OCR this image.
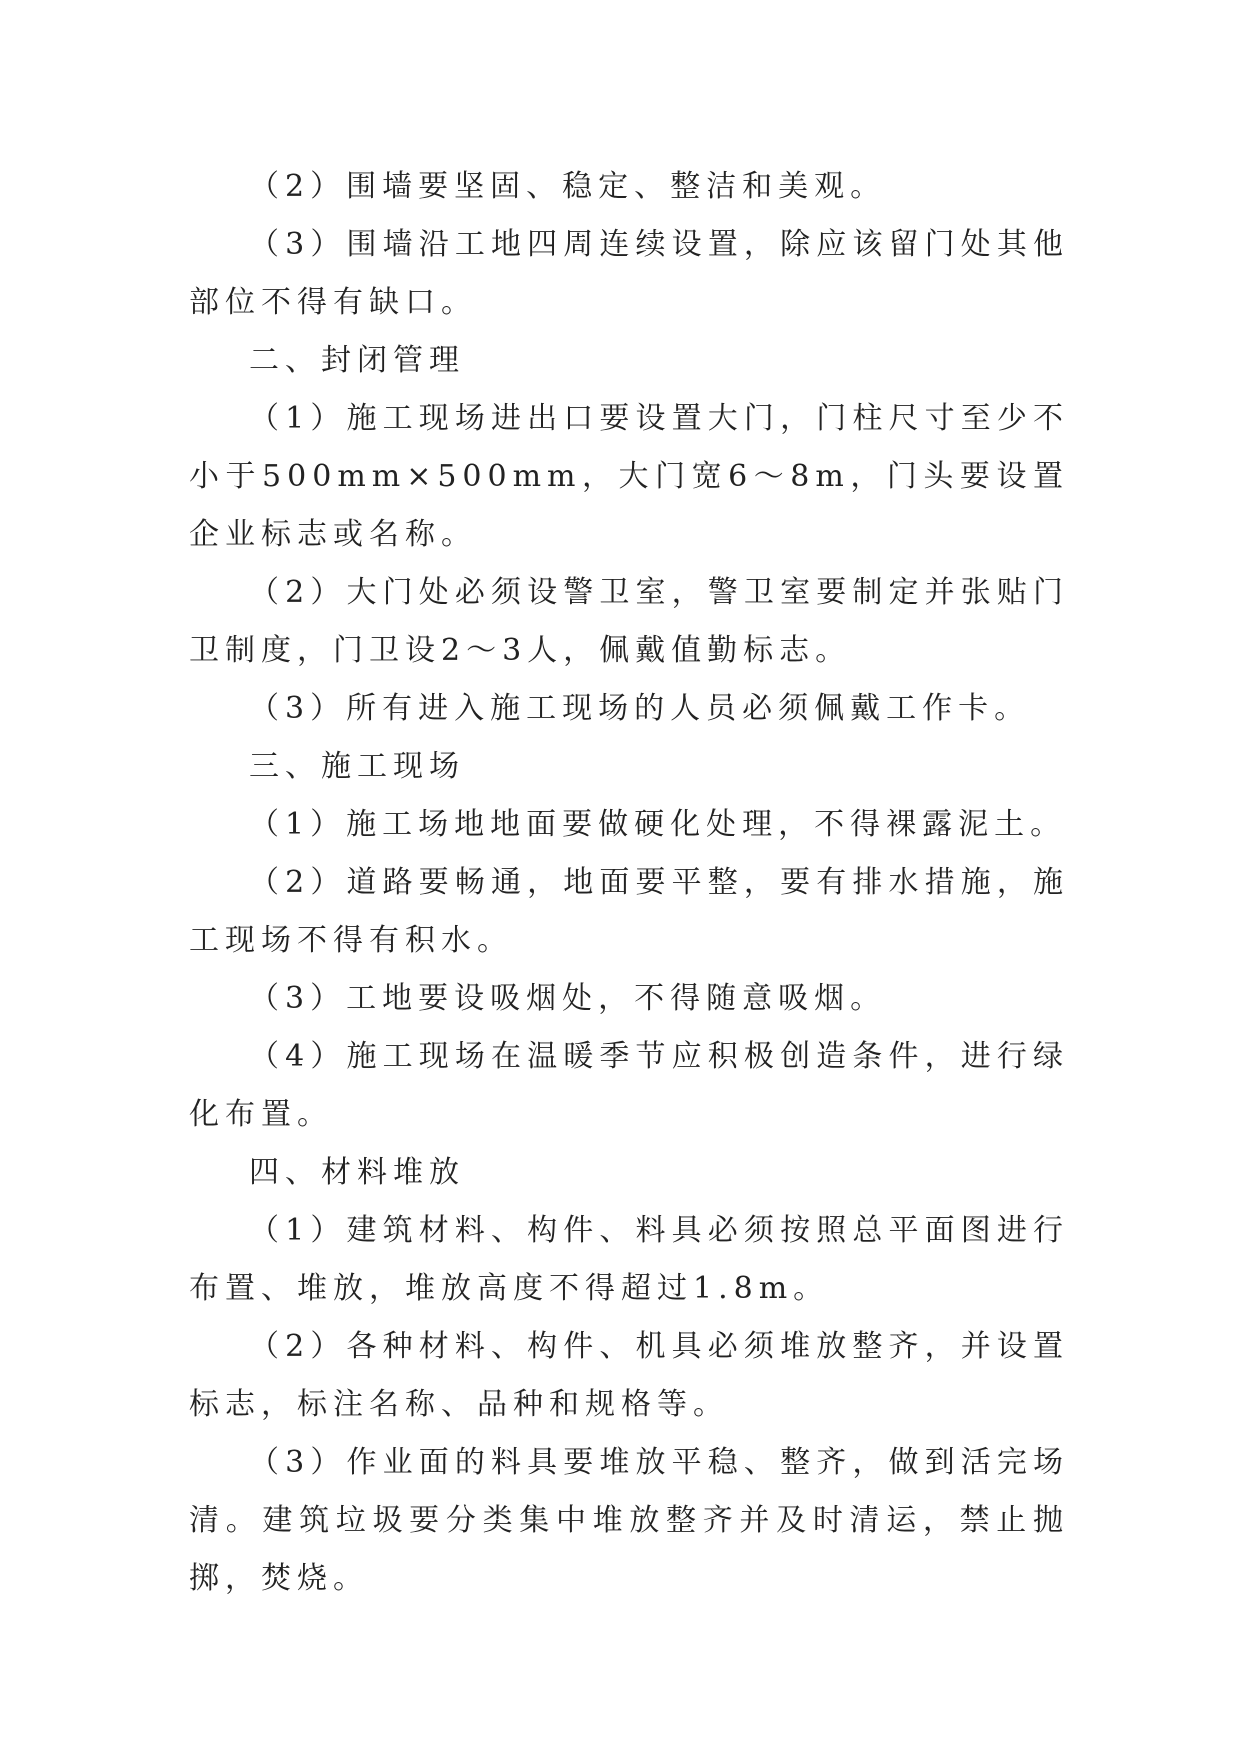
（2）围墙要坚固、稳定、整洁和美观。

（3）围墙沿工地四周连续设置，除应该留门处其他部位不得有缺口。

二、封闭管理

（1）施工现场进出口要设置大门，门柱尺寸至少不小于500mm×500mm，大门宽6～8m，门头要设置企业标志或名称。

（2）大门处必须设警卫室，警卫室要制定并张贴门卫制度，门卫设2～3人，佩戴值勤标志。

（3）所有进入施工现场的人员必须佩戴工作卡。

三、施工现场

（1）施工场地地面要做硬化处理，不得裸露泥土。

（2）道路要畅通，地面要平整，要有排水措施，施工现场不得有积水。

（3）工地要设吸烟处，不得随意吸烟。

（4）施工现场在温暖季节应积极创造条件，进行绿化布置。

四、材料堆放

（1）建筑材料、构件、料具必须按照总平面图进行布置、堆放，堆放高度不得超过1.8m。

（2）各种材料、构件、机具必须堆放整齐，并设置标志，标注名称、品种和规格等。

（3）作业面的料具要堆放平稳、整齐，做到活完场清。建筑垃圾要分类集中堆放整齐并及时清运，禁止抛掷，焚烧。
